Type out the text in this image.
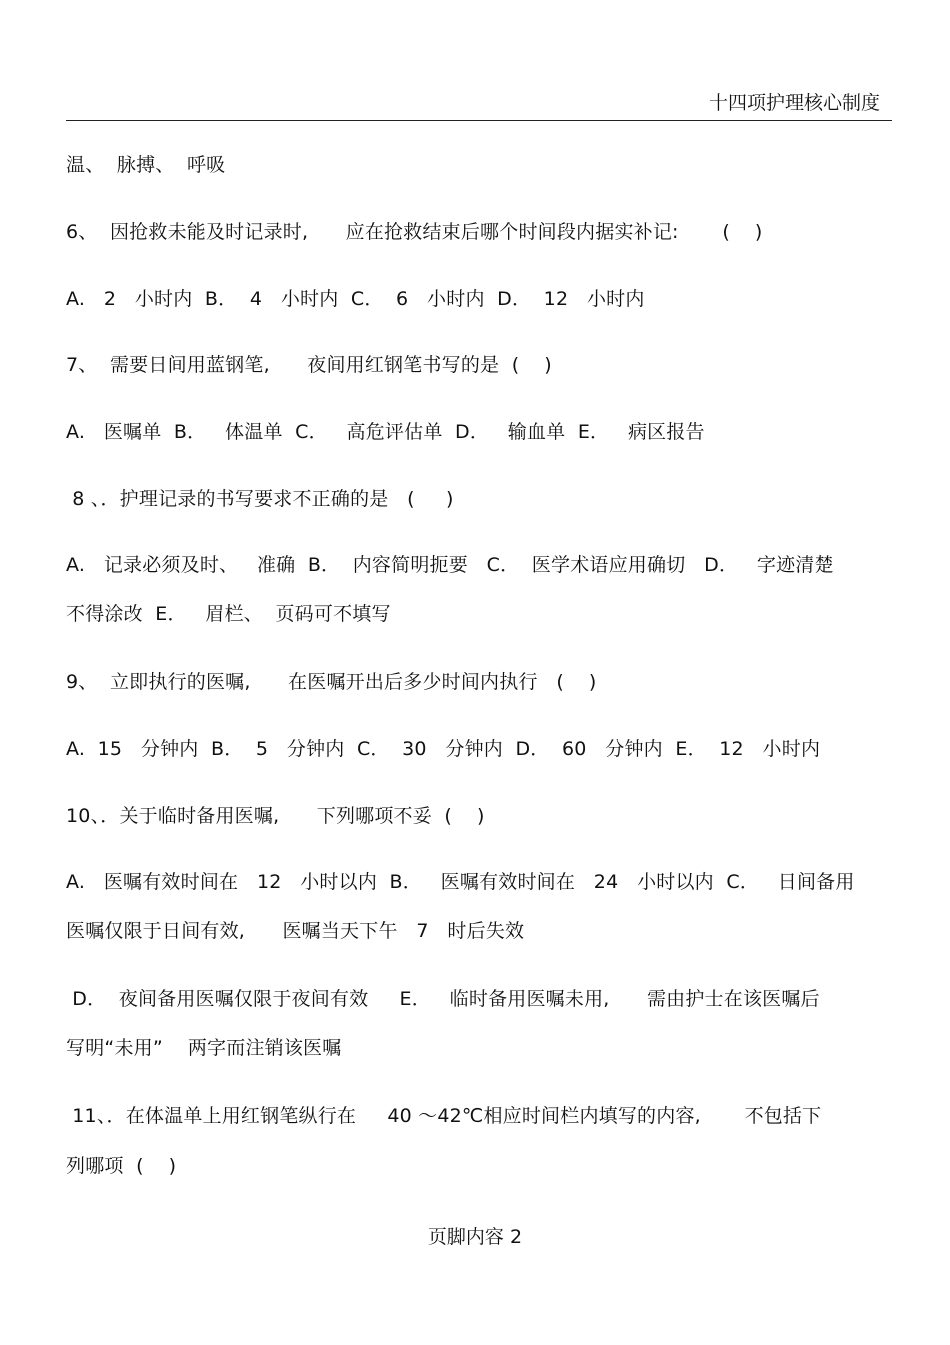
十四项护理核心制度
温、  脉搏、  呼吸
6、  因抢救未能及时记录时,      应在抢救结束后哪个时间段内据实补记:       (    )
A.   2   小时内  B．  4   小时内  C．  6   小时内  D．  12   小时内
7、  需要日间用蓝钢笔,      夜间用红钢笔书写的是  (    )
A.   医嘱单  B．   体温单  C．   高危评估单  D．   输血单  E．   病区报告
8 、．护理记录的书写要求不正确的是   (     )
A.   记录必须及时、   准确  B．  内容简明扼要   C．  医学术语应用确切   D．   字迹清楚
不得涂改  E．   眉栏、  页码可不填写
9、  立即执行的医嘱,      在医嘱开出后多少时间内执行   (    )
A.  15   分钟内  B．  5   分钟内  C．  30   分钟内  D．  60   分钟内  E．  12   小时内
10、．关于临时备用医嘱,      下列哪项不妥  (    )
A.   医嘱有效时间在   12   小时以内  B．   医嘱有效时间在   24   小时以内  C．   日间备用
医嘱仅限于日间有效,      医嘱当天下午   7   时后失效
D．  夜间备用医嘱仅限于夜间有效     E．   临时备用医嘱未用,      需由护士在该医嘱后
写明“未用”    两字而注销该医嘱
11、．在体温单上用红钢笔纵行在     40 ～42℃相应时间栏内填写的内容,       不包括下
列哪项  (    )
页脚内容 2
